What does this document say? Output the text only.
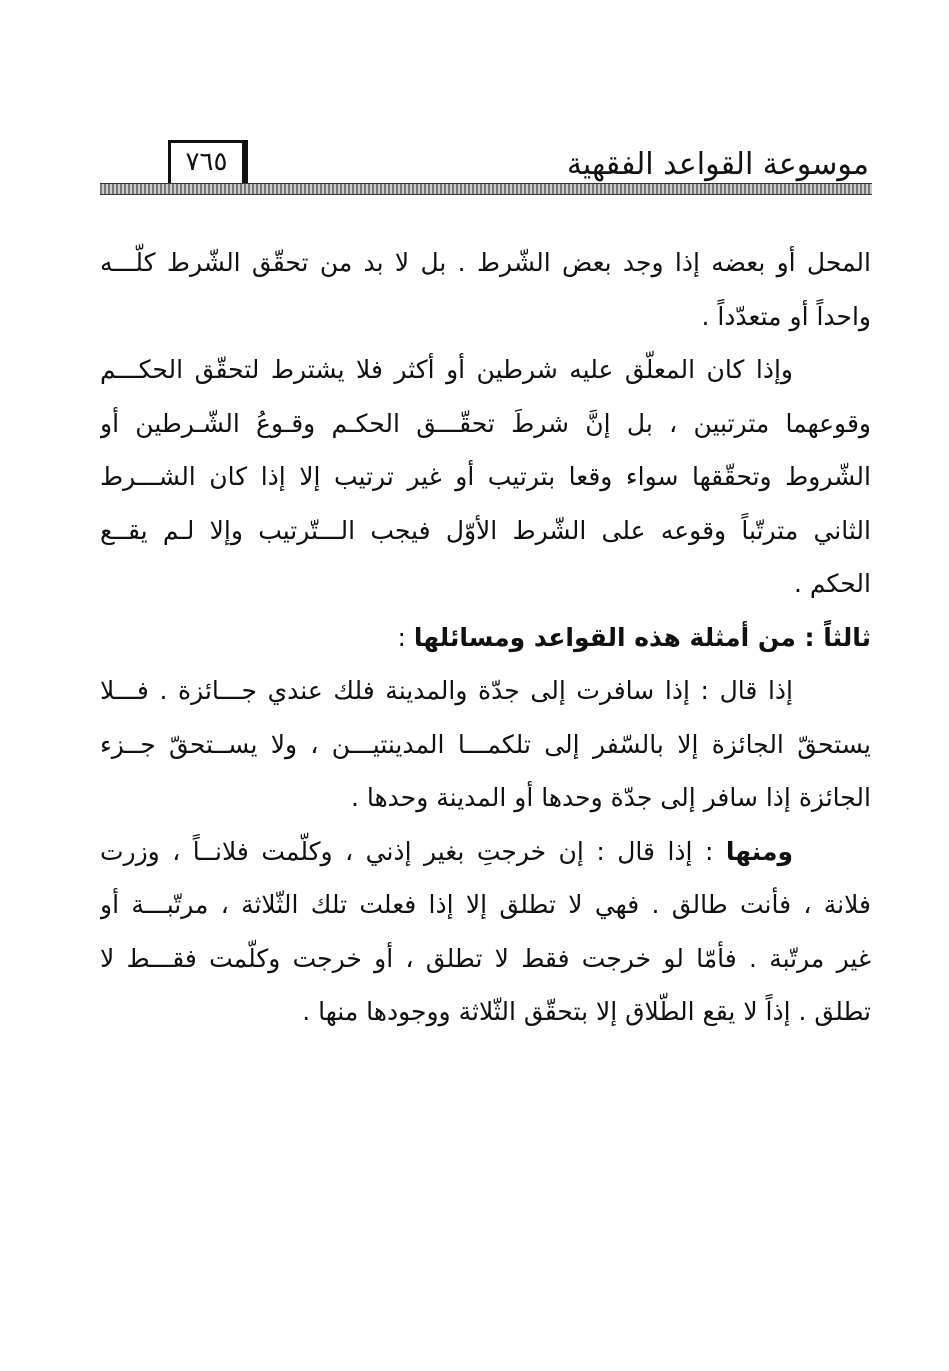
موسوعة القواعد الفقهية
٧٦٥
المحل أو بعضه إذا وجد بعض الشّرط . بل لا بد من تحقّق الشّرط كلّـــه
واحداً أو متعدّداً .
وإذا كان المعلّق عليه شرطين أو أكثر فلا يشترط لتحقّق الحكـــم
وقوعهما مترتبين ، بل إنَّ شرطَ تحقّـــق الحكـم وقـوعُ الشّـرطين أو
الشّروط وتحقّقها سواء وقعا بترتيب أو غير ترتيب إلا إذا كان الشـــرط
الثاني مترتّباً وقوعه على الشّرط الأوّل فيجب الـــتّرتيب وإلا لـم يقــع
الحكم .
ثالثاً : من أمثلة هذه القواعد ومسائلها :
إذا قال : إذا سافرت إلى جدّة والمدينة فلك عندي جـــائزة . فـــلا
يستحقّ الجائزة إلا بالسّفر إلى تلكمـــا المدينتيـــن ، ولا يســتحقّ جــزء
الجائزة إذا سافر إلى جدّة وحدها أو المدينة وحدها .
ومنها : إذا قال : إن خرجتِ بغير إذني ، وكلّمت فلانــاً ، وزرت
فلانة ، فأنت طالق . فهي لا تطلق إلا إذا فعلت تلك الثّلاثة ، مرتّبـــة أو
غير مرتّبة . فأمّا لو خرجت فقط لا تطلق ، أو خرجت وكلّمت فقـــط لا
تطلق . إذاً لا يقع الطّلاق إلا بتحقّق الثّلاثة ووجودها منها .
